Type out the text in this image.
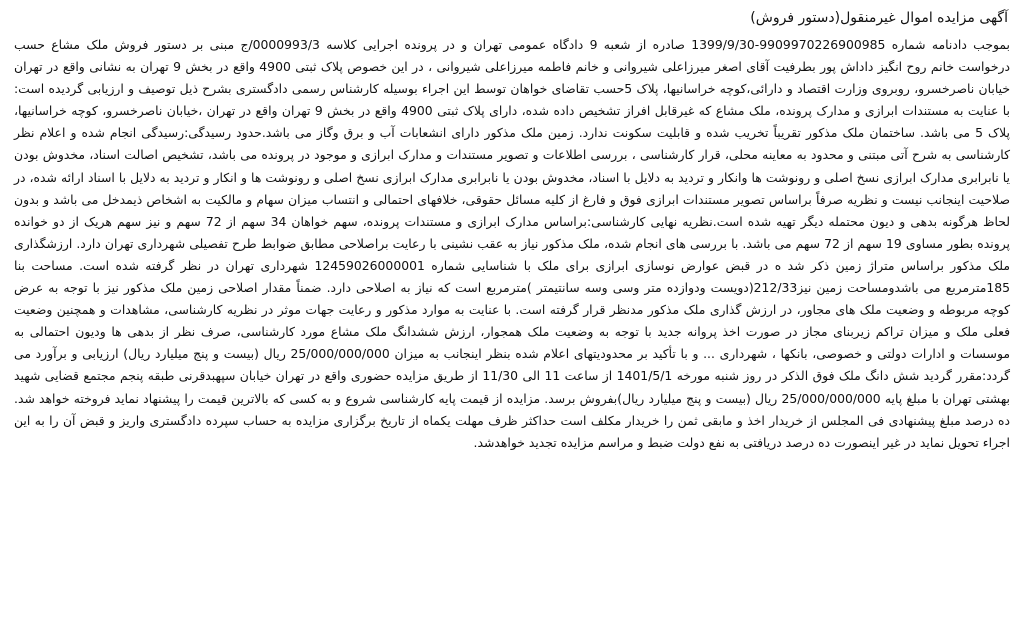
آگهی مزایده اموال غیرمنقول(دستور فروش)

بموجب دادنامه شماره 9909970226900985-1399/9/30 صادره از شعبه 9 دادگاه عمومی تهران و در پرونده اجرایی کلاسه 0000993/3/ج مبنی بر دستور فروش ملک مشاع حسب درخواست خانم روح انگیز داداش پور بطرفیت آقای اصغر میرزاعلی شیروانی و خانم فاطمه میرزاعلی شیروانی ، در این خصوص پلاک ثبتی 4900 واقع در بخش 9 تهران به نشانی واقع در تهران خیابان ناصرخسرو، روبروی وزارت اقتصاد و دارائی،کوچه خراسانیها، پلاک 5حسب تقاضای خواهان توسط این اجراء بوسیله کارشناس رسمی دادگستری بشرح ذیل توصیف و ارزیابی گردیده است: با عنایت به مستندات ابرازی و مدارک پرونده، ملک مشاع که غیرقابل افراز تشخیص داده شده، دارای پلاک ثبتی 4900 واقع در بخش 9 تهران واقع در تهران ،خیابان ناصرخسرو، کوچه خراسانیها، پلاک 5 می باشد. ساختمان ملک مذکور تقریباً تخریب شده و قابلیت سکونت ندارد. زمین ملک مذکور دارای انشعابات آب و برق وگاز می باشد.حدود رسیدگی:رسیدگی انجام شده و اعلام نظر کارشناسی به شرح آتی مبتنی و محدود به معاینه محلی، قرار کارشناسی ، بررسی اطلاعات و تصویر مستندات و مدارک ابرازی و موجود در پرونده می باشد، تشخیص اصالت اسناد، مخدوش بودن یا نابرابری مدارک ابرازی نسخ اصلی و رونوشت ها وانکار و تردید به دلایل با اسناد، مخدوش بودن یا نابرابری مدارک ابرازی نسخ اصلی و رونوشت ها و انکار و تردید به دلایل با اسناد ارائه شده، در صلاحیت اینجانب نیست و نظریه صرفاً براساس تصویر مستندات ابرازی فوق و فارغ از کلیه مسائل حقوقی، خلافهای احتمالی و انتساب میزان سهام و مالکیت به اشخاص ذیمدخل می باشد و بدون لحاظ هرگونه بدهی و دیون محتمله دیگر تهیه شده است.نظریه نهایی کارشناسی:براساس مدارک ابرازی و مستندات پرونده، سهم خواهان 34 سهم از 72 سهم و نیز سهم هریک از دو خوانده پرونده بطور مساوی 19 سهم از 72 سهم می باشد. با بررسی های انجام شده، ملک مذکور نیاز به عقب نشینی با رعایت براصلاحی مطابق ضوابط طرح تفصیلی شهرداری تهران دارد. ارزشگذاری ملک مذکور براساس متراژ زمین ذکر شد ه در قبض عوارض نوسازی ابرازی برای ملک با شناسایی شماره 12459026000001 شهرداری تهران در نظر گرفته شده است. مساحت بنا 185مترمربع می باشدومساحت زمین نیز212/33(دویست ودوازده متر وسی وسه سانتیمتر )مترمربع است که نیاز به اصلاحی دارد. ضمناً مقدار اصلاحی زمین ملک مذکور نیز با توجه به عرض کوچه مربوطه و وضعیت ملک های مجاور، در ارزش گذاری ملک مذکور مدنظر قرار گرفته است. با عنایت به موارد مذکور و رعایت جهات موثر در نظریه کارشناسی، مشاهدات و همچنین وضعیت فعلی ملک و میزان تراکم زیربنای مجاز در صورت اخذ پروانه جدید با توجه به وضعیت ملک همجوار، ارزش ششدانگ ملک مشاع مورد کارشناسی، صرف نظر از بدهی ها ودیون احتمالی به موسسات و ادارات دولتی و خصوصی، بانکها ، شهرداری ... و با تأکید بر محدودیتهای اعلام شده بنظر اینجانب به میزان 25/000/000/000 ریال (بیست و پنج میلیارد ریال) ارزیابی و برآورد می گردد:مقرر گردید شش دانگ ملک فوق الذکر در روز شنبه مورخه 1401/5/1 از ساعت 11 الی 11/30 از طریق مزایده حضوری واقع در تهران خیابان سپهبدقرنی طبقه پنجم مجتمع قضایی شهید بهشتی تهران با مبلغ پایه 25/000/000/000 ریال (بیست و پنج میلیارد ریال)بفروش برسد. مزایده از قیمت پایه کارشناسی شروع و به کسی که بالاترین قیمت را پیشنهاد نماید فروخته خواهد شد. ده درصد مبلغ پیشنهادی فی المجلس از خریدار اخذ و مابقی ثمن را خریدار مکلف است حداکثر ظرف مهلت یکماه از تاریخ برگزاری مزایده به حساب سپرده دادگستری واریز و قبض آن را به این اجراء تحویل نماید در غیر اینصورت ده درصد دریافتی به نفع دولت ضبط و مراسم مزایده تجدید خواهدشد.
